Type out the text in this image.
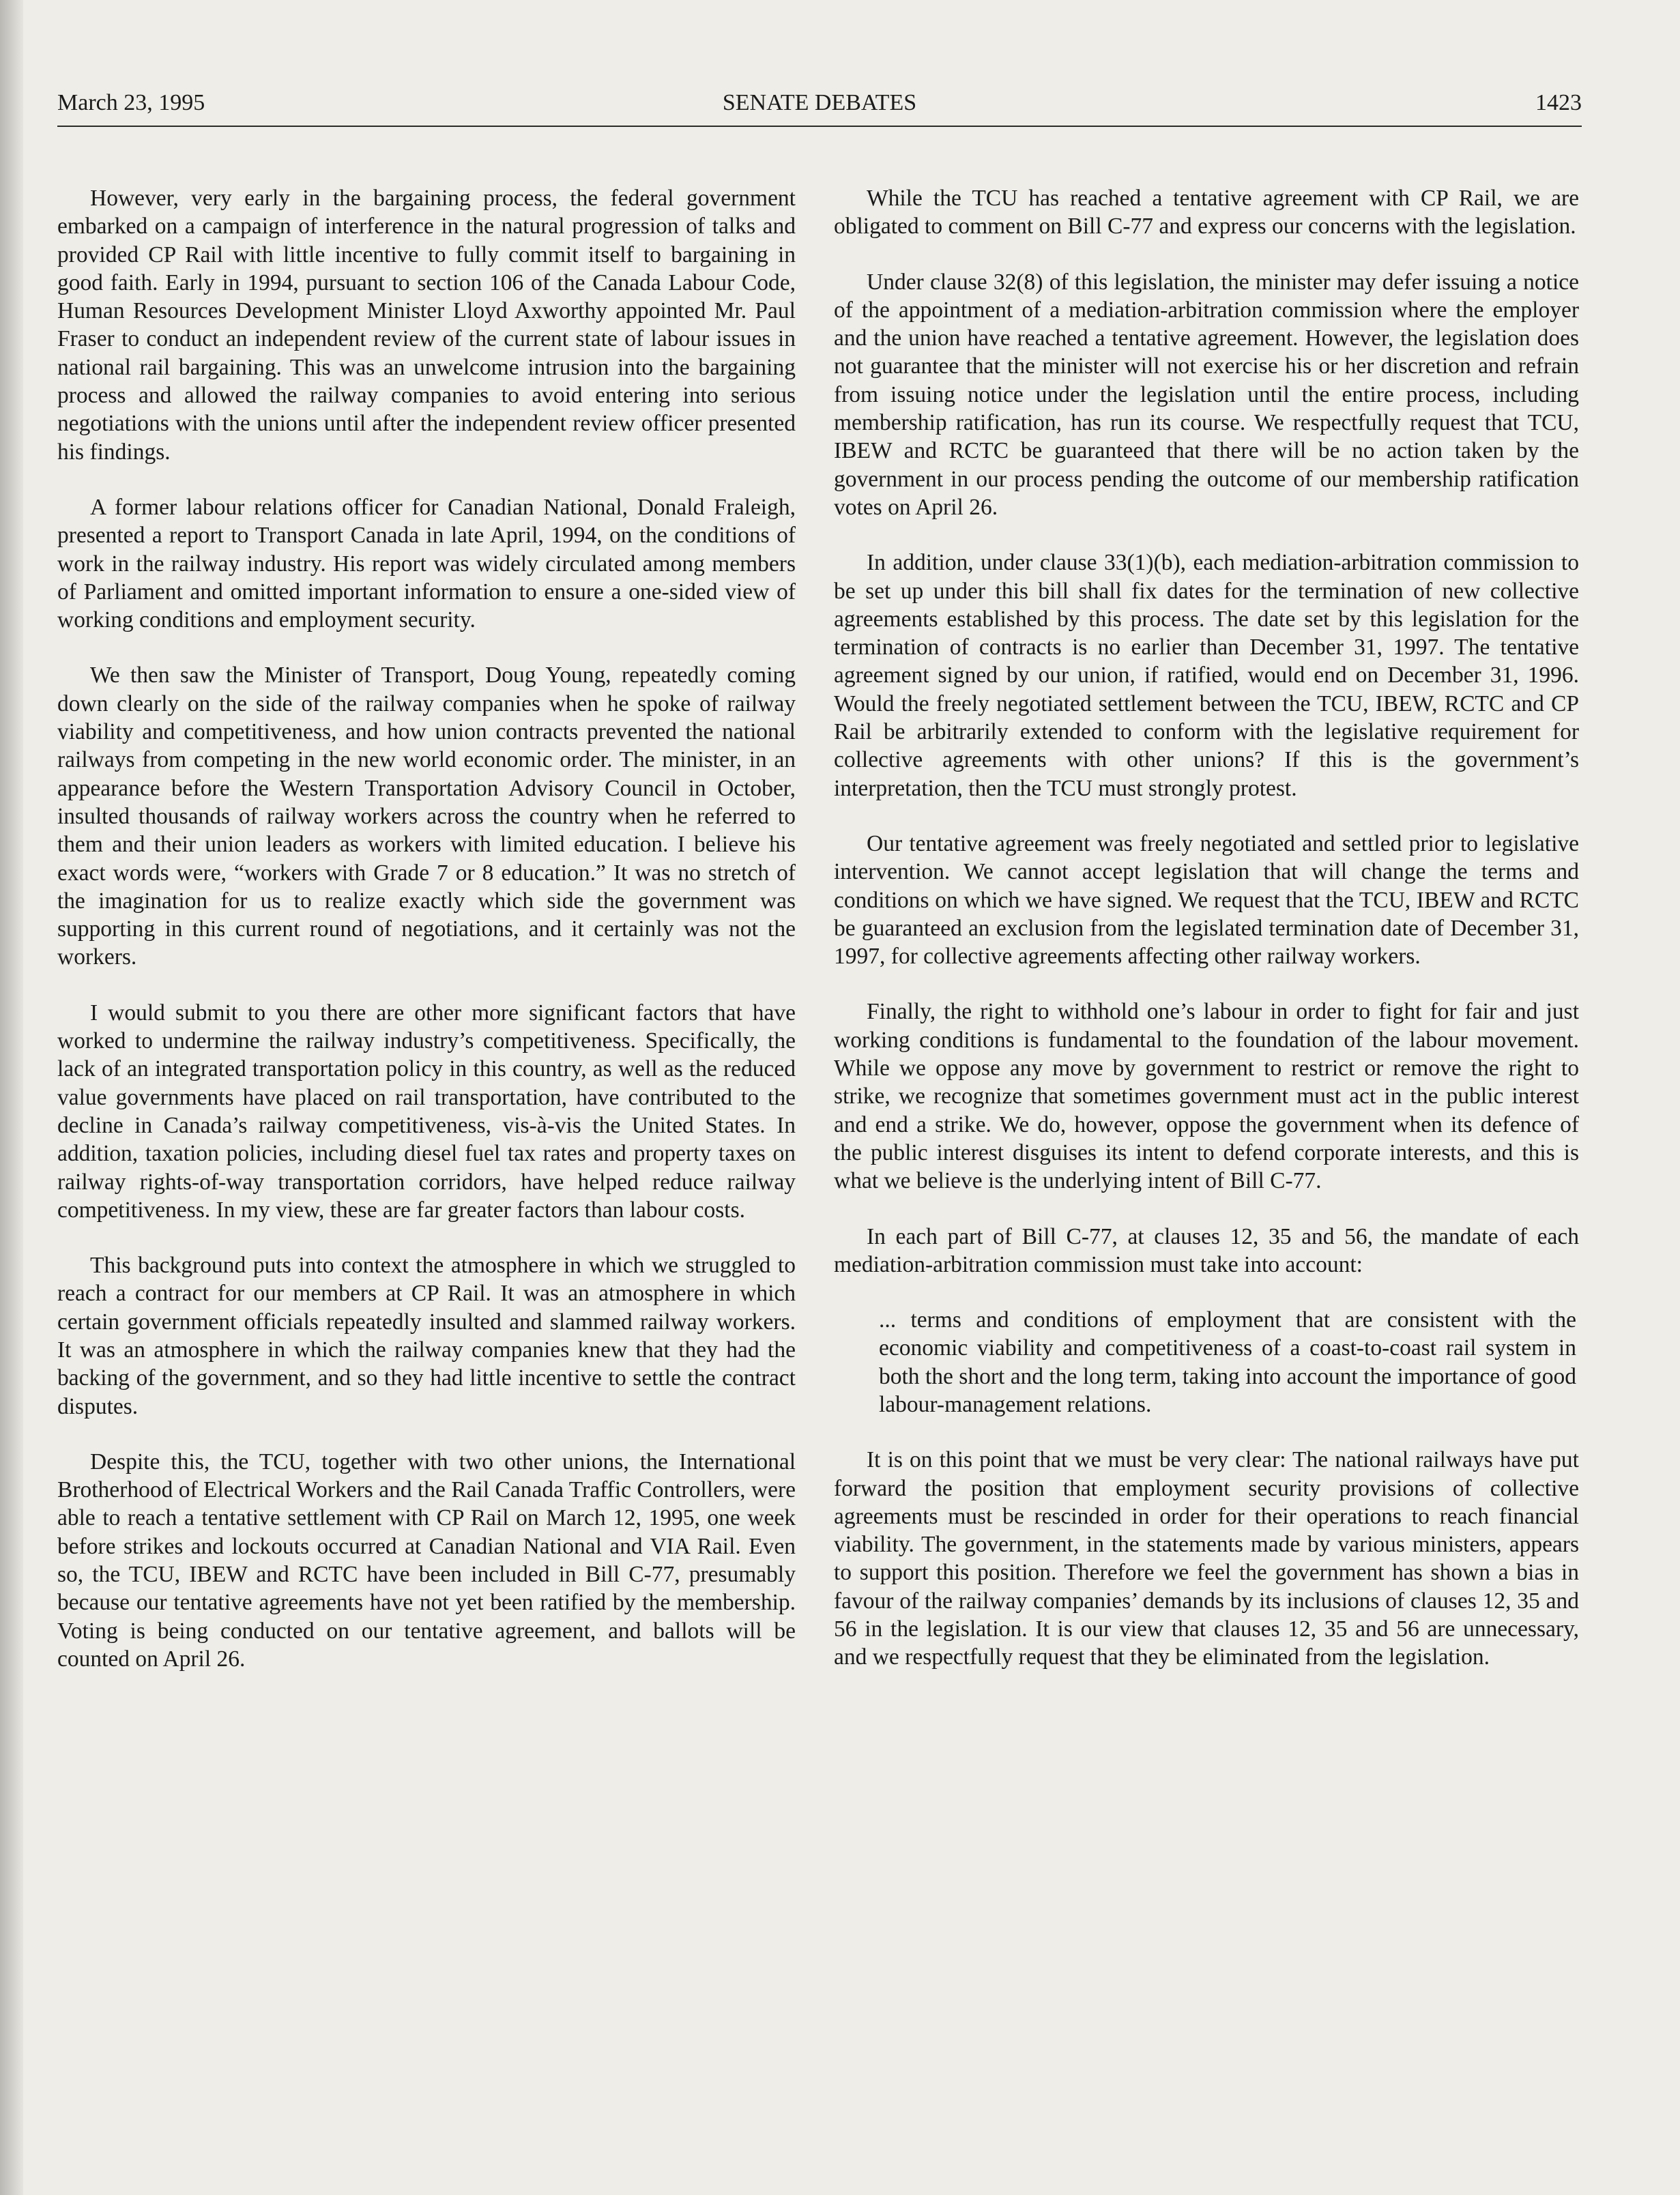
March 23, 1995	SENATE DEBATES	1423

However, very early in the bargaining process, the federal government embarked on a campaign of interference in the natural progression of talks and provided CP Rail with little incentive to fully commit itself to bargaining in good faith. Early in 1994, pursuant to section 106 of the Canada Labour Code, Human Resources Development Minister Lloyd Axworthy appointed Mr. Paul Fraser to conduct an independent review of the current state of labour issues in national rail bargaining. This was an unwelcome intrusion into the bargaining process and allowed the railway companies to avoid entering into serious negotiations with the unions until after the independent review officer presented his findings.

A former labour relations officer for Canadian National, Donald Fraleigh, presented a report to Transport Canada in late April, 1994, on the conditions of work in the railway industry. His report was widely circulated among members of Parliament and omitted important information to ensure a one-sided view of working conditions and employment security.

We then saw the Minister of Transport, Doug Young, repeatedly coming down clearly on the side of the railway companies when he spoke of railway viability and competitiveness, and how union contracts prevented the national railways from competing in the new world economic order. The minister, in an appearance before the Western Transportation Advisory Council in October, insulted thousands of railway workers across the country when he referred to them and their union leaders as workers with limited education. I believe his exact words were, “workers with Grade 7 or 8 education.” It was no stretch of the imagination for us to realize exactly which side the government was supporting in this current round of negotiations, and it certainly was not the workers.

I would submit to you there are other more significant factors that have worked to undermine the railway industry’s competitiveness. Specifically, the lack of an integrated transportation policy in this country, as well as the reduced value governments have placed on rail transportation, have contributed to the decline in Canada’s railway competitiveness, vis-à-vis the United States. In addition, taxation policies, including diesel fuel tax rates and property taxes on railway rights-of-way transportation corridors, have helped reduce railway competitiveness. In my view, these are far greater factors than labour costs.

This background puts into context the atmosphere in which we struggled to reach a contract for our members at CP Rail. It was an atmosphere in which certain government officials repeatedly insulted and slammed railway workers. It was an atmosphere in which the railway companies knew that they had the backing of the government, and so they had little incentive to settle the contract disputes.

Despite this, the TCU, together with two other unions, the International Brotherhood of Electrical Workers and the Rail Canada Traffic Controllers, were able to reach a tentative settlement with CP Rail on March 12, 1995, one week before strikes and lockouts occurred at Canadian National and VIA Rail. Even so, the TCU, IBEW and RCTC have been included in Bill C-77, presumably because our tentative agreements have not yet been ratified by the membership. Voting is being conducted on our tentative agreement, and ballots will be counted on April 26.

While the TCU has reached a tentative agreement with CP Rail, we are obligated to comment on Bill C-77 and express our concerns with the legislation.

Under clause 32(8) of this legislation, the minister may defer issuing a notice of the appointment of a mediation-arbitration commission where the employer and the union have reached a tentative agreement. However, the legislation does not guarantee that the minister will not exercise his or her discretion and refrain from issuing notice under the legislation until the entire process, including membership ratification, has run its course. We respectfully request that TCU, IBEW and RCTC be guaranteed that there will be no action taken by the government in our process pending the outcome of our membership ratification votes on April 26.

In addition, under clause 33(1)(b), each mediation-arbitration commission to be set up under this bill shall fix dates for the termination of new collective agreements established by this process. The date set by this legislation for the termination of contracts is no earlier than December 31, 1997. The tentative agreement signed by our union, if ratified, would end on December 31, 1996. Would the freely negotiated settlement between the TCU, IBEW, RCTC and CP Rail be arbitrarily extended to conform with the legislative requirement for collective agreements with other unions? If this is the government’s interpretation, then the TCU must strongly protest.

Our tentative agreement was freely negotiated and settled prior to legislative intervention. We cannot accept legislation that will change the terms and conditions on which we have signed. We request that the TCU, IBEW and RCTC be guaranteed an exclusion from the legislated termination date of December 31, 1997, for collective agreements affecting other railway workers.

Finally, the right to withhold one’s labour in order to fight for fair and just working conditions is fundamental to the foundation of the labour movement. While we oppose any move by government to restrict or remove the right to strike, we recognize that sometimes government must act in the public interest and end a strike. We do, however, oppose the government when its defence of the public interest disguises its intent to defend corporate interests, and this is what we believe is the underlying intent of Bill C-77.

In each part of Bill C-77, at clauses 12, 35 and 56, the mandate of each mediation-arbitration commission must take into account:

... terms and conditions of employment that are consistent with the economic viability and competitiveness of a coast-to-coast rail system in both the short and the long term, taking into account the importance of good labour-management relations.

It is on this point that we must be very clear: The national railways have put forward the position that employment security provisions of collective agreements must be rescinded in order for their operations to reach financial viability. The government, in the statements made by various ministers, appears to support this position. Therefore we feel the government has shown a bias in favour of the railway companies’ demands by its inclusions of clauses 12, 35 and 56 in the legislation. It is our view that clauses 12, 35 and 56 are unnecessary, and we respectfully request that they be eliminated from the legislation.
